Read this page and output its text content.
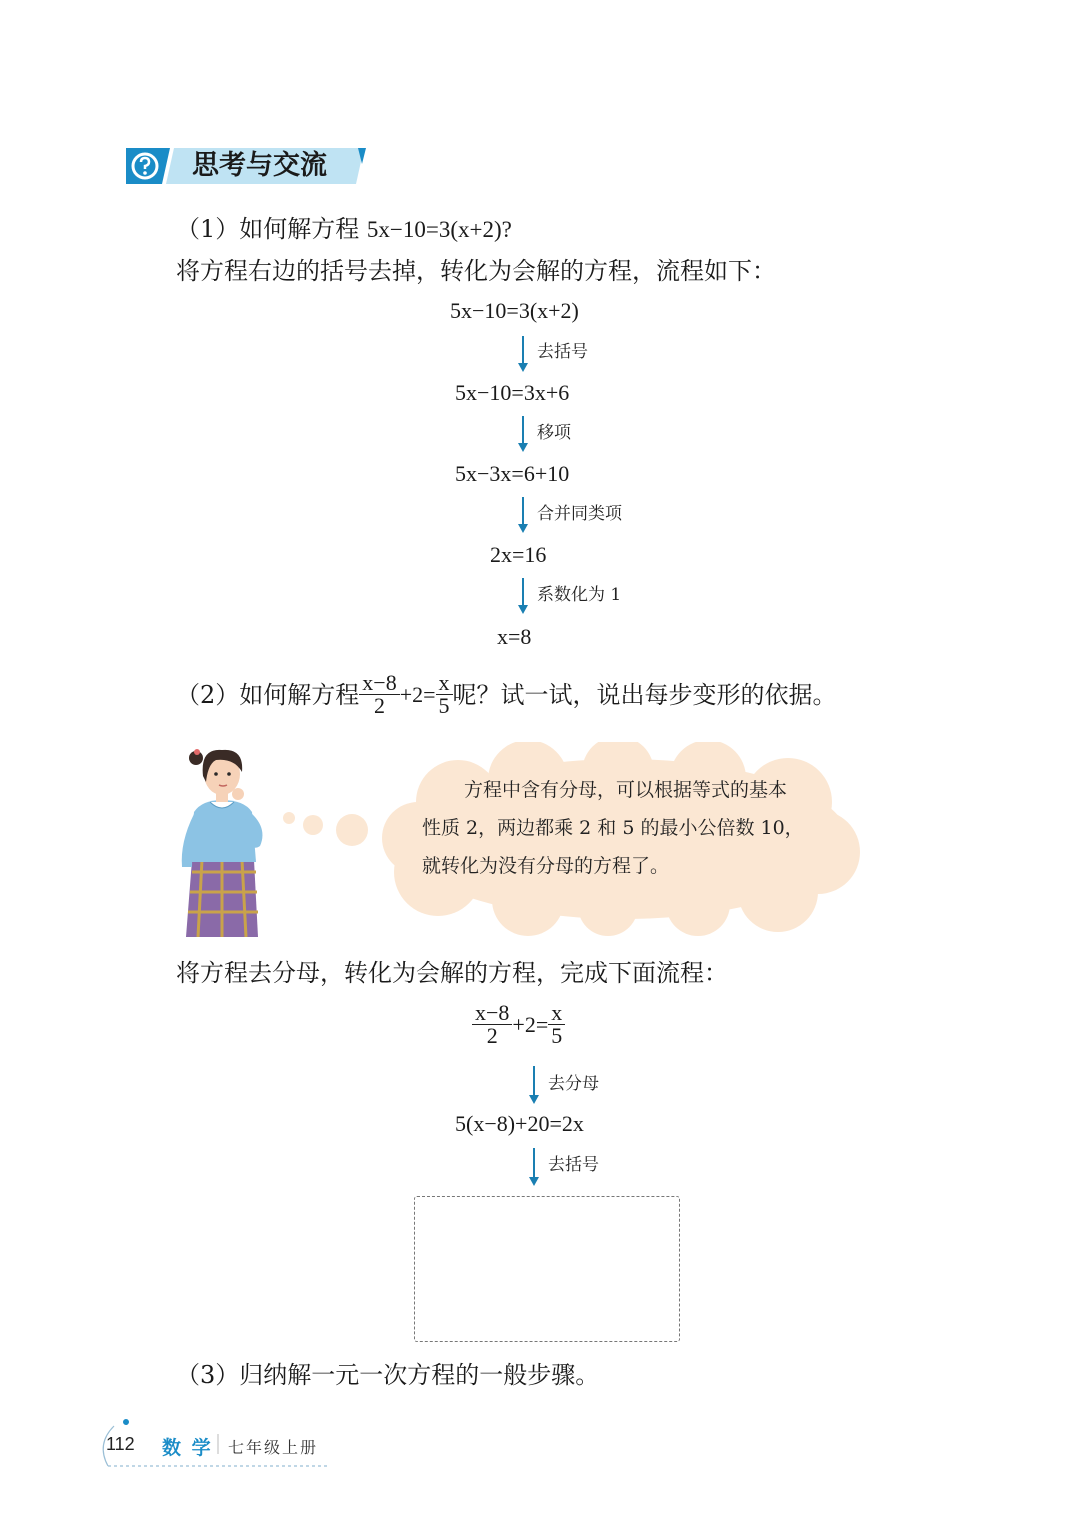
思考与交流
（1）如何解方程 5x−10=3(x+2)?
将方程右边的括号去掉，转化为会解的方程，流程如下：
5x−10=3(x+2)
去括号
5x−10=3x+6
移项
5x−3x=6+10
合并同类项
2x=16
系数化为 1
x=8
（2）如何解方程 $\frac{x-8}{2} +2= \frac{x}{5}$ 呢？试一试，说出每步变形的依据。
方程中含有分母，可以根据等式的基本
性质 2，两边都乘 2 和 5 的最小公倍数 10，
就转化为没有分母的方程了。
将方程去分母，转化为会解的方程，完成下面流程：
$\frac{x-8}{2} +2= \frac{x}{5}$
去分母
5(x−8)+20=2x
去括号
（3）归纳解一元一次方程的一般步骤。
112 数 学 七年级上册
